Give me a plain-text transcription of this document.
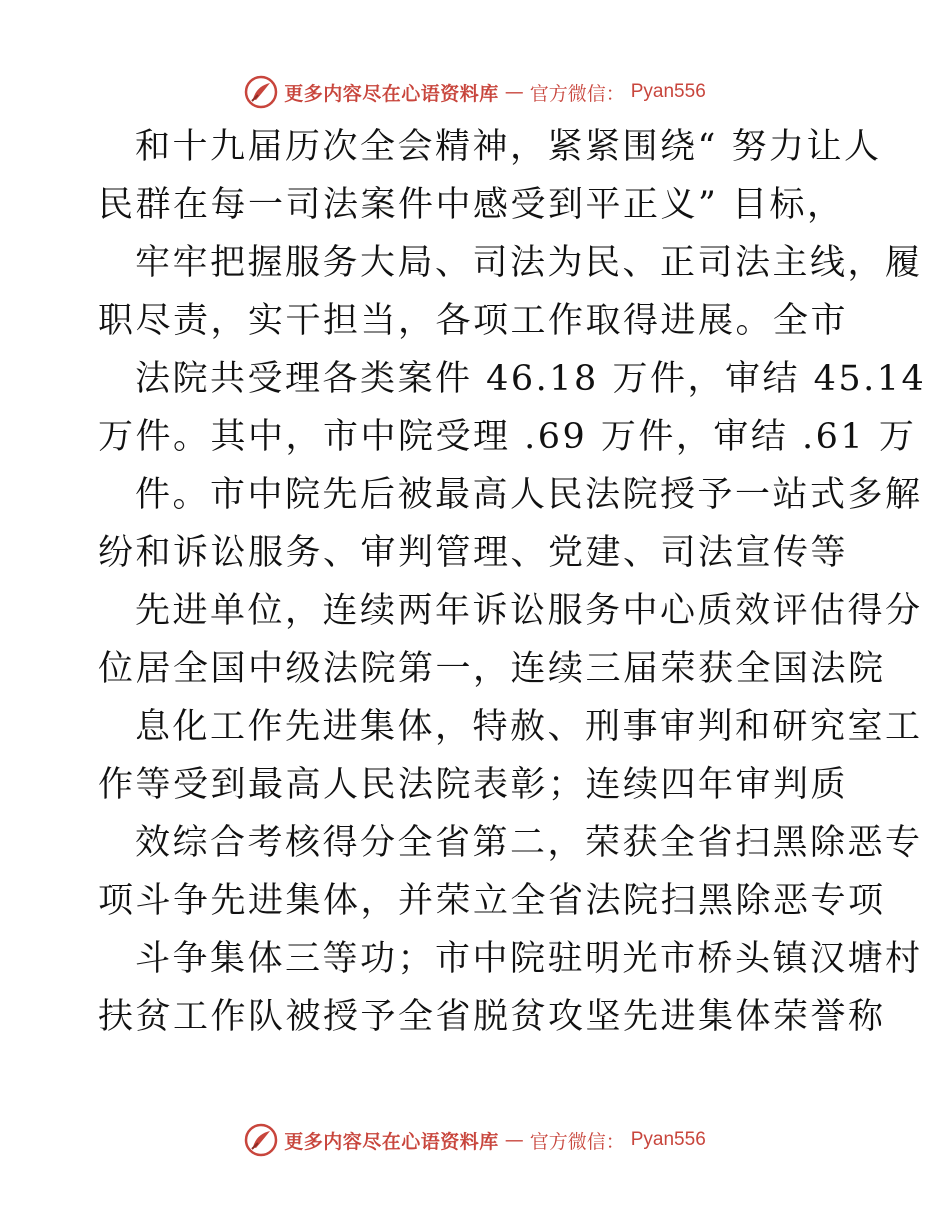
更多内容尽在心语资料库 — 官方微信： Pyan556
和十九届历次全会精神，紧紧围绕“ 努力让人
民群在每一司法案件中感受到平正义” 目标，
牢牢把握服务大局、司法为民、正司法主线，履
职尽责，实干担当，各项工作取得进展。全市
法院共受理各类案件 46.18 万件，审结 45.14
万件。其中，市中院受理 .69 万件，审结 .61 万
件。市中院先后被最高人民法院授予一站式多解
纷和诉讼服务、审判管理、党建、司法宣传等
先进单位，连续两年诉讼服务中心质效评估得分
位居全国中级法院第一，连续三届荣获全国法院
息化工作先进集体，特赦、刑事审判和研究室工
作等受到最高人民法院表彰；连续四年审判质
效综合考核得分全省第二，荣获全省扫黑除恶专
项斗争先进集体，并荣立全省法院扫黑除恶专项
斗争集体三等功；市中院驻明光市桥头镇汉塘村
扶贫工作队被授予全省脱贫攻坚先进集体荣誉称
更多内容尽在心语资料库 — 官方微信： Pyan556
